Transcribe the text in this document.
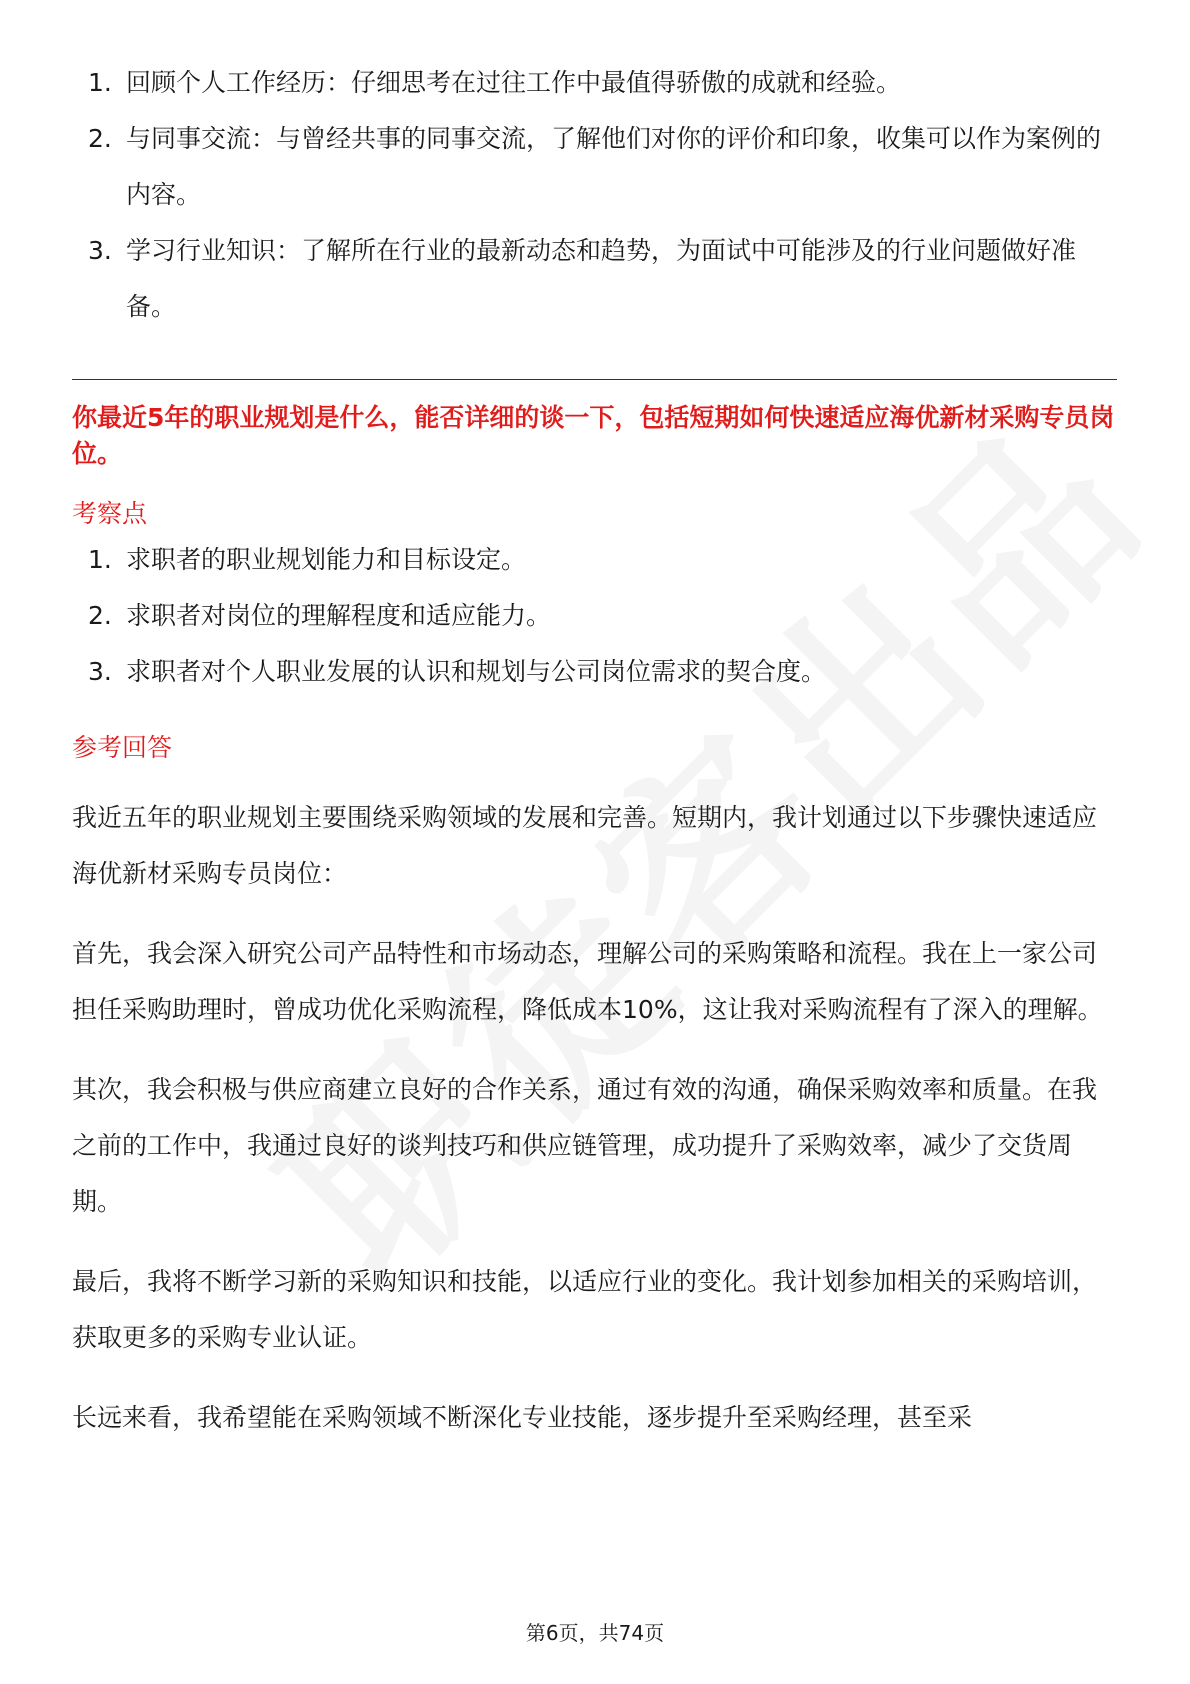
1. 回顾个人工作经历：仔细思考在过往工作中最值得骄傲的成就和经验。
2. 与同事交流：与曾经共事的同事交流，了解他们对你的评价和印象，收集可以作为案例的内容。
3. 学习行业知识：了解所在行业的最新动态和趋势，为面试中可能涉及的行业问题做好准备。
你最近5年的职业规划是什么，能否详细的谈一下，包括短期如何快速适应海优新材采购专员岗位。
考察点
1. 求职者的职业规划能力和目标设定。
2. 求职者对岗位的理解程度和适应能力。
3. 求职者对个人职业发展的认识和规划与公司岗位需求的契合度。
参考回答

我近五年的职业规划主要围绕采购领域的发展和完善。短期内，我计划通过以下步骤快速适应海优新材采购专员岗位：

首先，我会深入研究公司产品特性和市场动态，理解公司的采购策略和流程。我在上一家公司担任采购助理时，曾成功优化采购流程，降低成本10%，这让我对采购流程有了深入的理解。

其次，我会积极与供应商建立良好的合作关系，通过有效的沟通，确保采购效率和质量。在我之前的工作中，我通过良好的谈判技巧和供应链管理，成功提升了采购效率，减少了交货周期。

最后，我将不断学习新的采购知识和技能，以适应行业的变化。我计划参加相关的采购培训，获取更多的采购专业认证。

长远来看，我希望能在采购领域不断深化专业技能，逐步提升至采购经理，甚至采

第6页，共74页
